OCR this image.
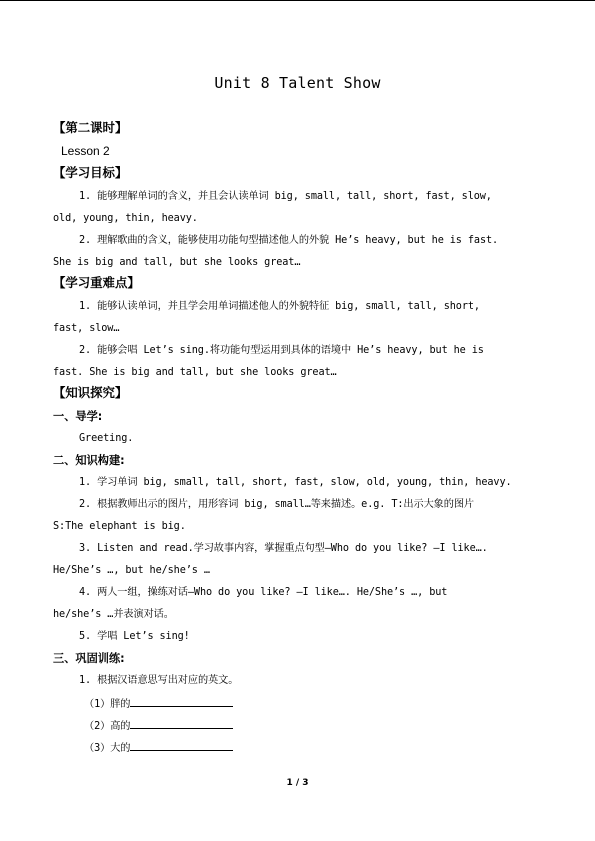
Unit 8 Talent Show
【第二课时】
Lesson 2
【学习目标】
1. 能够理解单词的含义，并且会认读单词 big, small, tall, short, fast, slow,
old, young, thin, heavy.
2. 理解歌曲的含义，能够使用功能句型描述他人的外貌 He’s heavy, but he is fast.
She is big and tall, but she looks great…
【学习重难点】
1. 能够认读单词，并且学会用单词描述他人的外貌特征 big, small, tall, short,
fast, slow…
2. 能够会唱 Let’s sing.将功能句型运用到具体的语境中 He’s heavy, but he is
fast. She is big and tall, but she looks great…
【知识探究】
一、导学:
Greeting.
二、知识构建:
1. 学习单词 big, small, tall, short, fast, slow, old, young, thin, heavy.
2. 根据教师出示的图片，用形容词 big, small…等来描述。e.g. T:出示大象的图片
S:The elephant is big.
3. Listen and read.学习故事内容，掌握重点句型—Who do you like? —I like….
He/She’s …, but he/she’s …
4. 两人一组，操练对话—Who do you like? —I like…. He/She’s …, but
he/she’s …并表演对话。
5. 学唱 Let’s sing!
三、巩固训练:
1. 根据汉语意思写出对应的英文。
（1）胖的
（2）高的
（3）大的
1 / 3
